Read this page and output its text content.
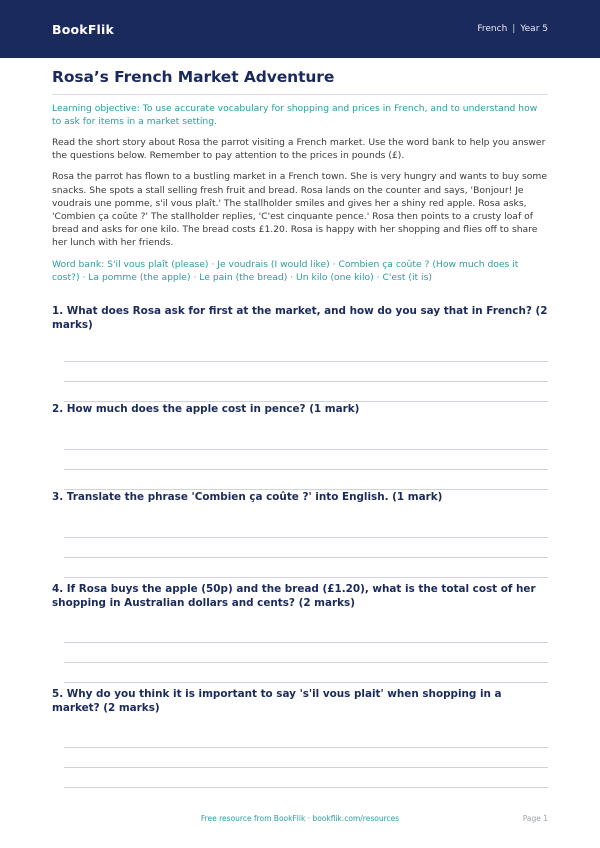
BookFlik	French | Year 5
Rosa’s French Market Adventure

Learning objective: To use accurate vocabulary for shopping and prices in French, and to understand how to ask for items in a market setting.

Read the short story about Rosa the parrot visiting a French market. Use the word bank to help you answer the questions below. Remember to pay attention to the prices in pounds (£).

Rosa the parrot has flown to a bustling market in a French town. She is very hungry and wants to buy some snacks. She spots a stall selling fresh fruit and bread. Rosa lands on the counter and says, 'Bonjour! Je voudrais une pomme, s'il vous plaît.' The stallholder smiles and gives her a shiny red apple. Rosa asks, 'Combien ça coûte ?' The stallholder replies, 'C'est cinquante pence.' Rosa then points to a crusty loaf of bread and asks for one kilo. The bread costs £1.20. Rosa is happy with her shopping and flies off to share her lunch with her friends.

Word bank: S'il vous plaît (please) · Je voudrais (I would like) · Combien ça coûte ? (How much does it cost?) · La pomme (the apple) · Le pain (the bread) · Un kilo (one kilo) · C'est (it is)

1. What does Rosa ask for first at the market, and how do you say that in French? (2 marks)

2. How much does the apple cost in pence? (1 mark)

3. Translate the phrase 'Combien ça coûte ?' into English. (1 mark)

4. If Rosa buys the apple (50p) and the bread (£1.20), what is the total cost of her shopping in Australian dollars and cents? (2 marks)

5. Why do you think it is important to say 's'il vous plait' when shopping in a market? (2 marks)

Free resource from BookFlik · bookflik.com/resources	Page 1
